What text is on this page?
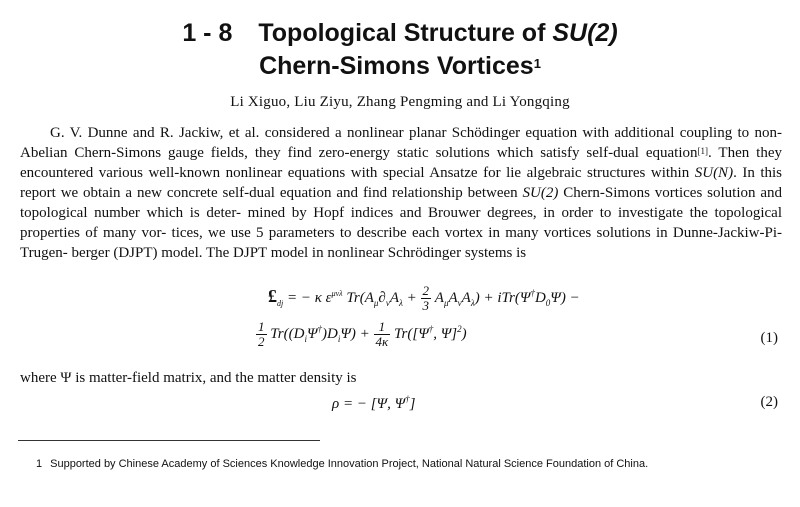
1 - 8 Topological Structure of SU(2)
Chern-Simons Vortices$^1$
Li Xiguo, Liu Ziyu, Zhang Pengming and Li Yongqing

G. V. Dunne and R. Jackiw, et al. considered a nonlinear planar Schödinger equation with additional coupling to non-Abelian Chern-Simons gauge fields, they find zero-energy static solutions which satisfy self-dual equation[1]. Then they encountered various well-known nonlinear equations with special Ansatze for lie algebraic structures within SU(N). In this report we obtain a new concrete self-dual equation and find relationship between SU(2) Chern-Simons vortices solution and topological number which is deter- mined by Hopf indices and Brouwer degrees, in order to investigate the topological properties of many vor- tices, we use 5 parameters to describe each vortex in many vortices solutions in Dunne-Jackiw-Pi-Trugen- berger (DJPT) model. The DJPT model in nonlinear Schrödinger systems is

$£_{dj}$ = − κ $\varepsilon^{\mu\nu\lambda}$ $Tr(A_\mu\partial_\nu A_\lambda + \frac{2}{3} A_\mu A_\nu A_\lambda) + iTr(\Psi^\dagger D_0\Psi)$ −
$\frac{1}{2} Tr((D_i\Psi^\dagger)D_i\Psi) + \frac{1}{4\kappa} Tr([\Psi^\dagger$, Ψ]$^2$)	(1)
where Ψ is matter-field matrix, and the matter density is
ρ = − [Ψ, Ψ†]	(2)
1 Supported by Chinese Academy of Sciences Knowledge Innovation Project, National Natural Science Foundation of China.
